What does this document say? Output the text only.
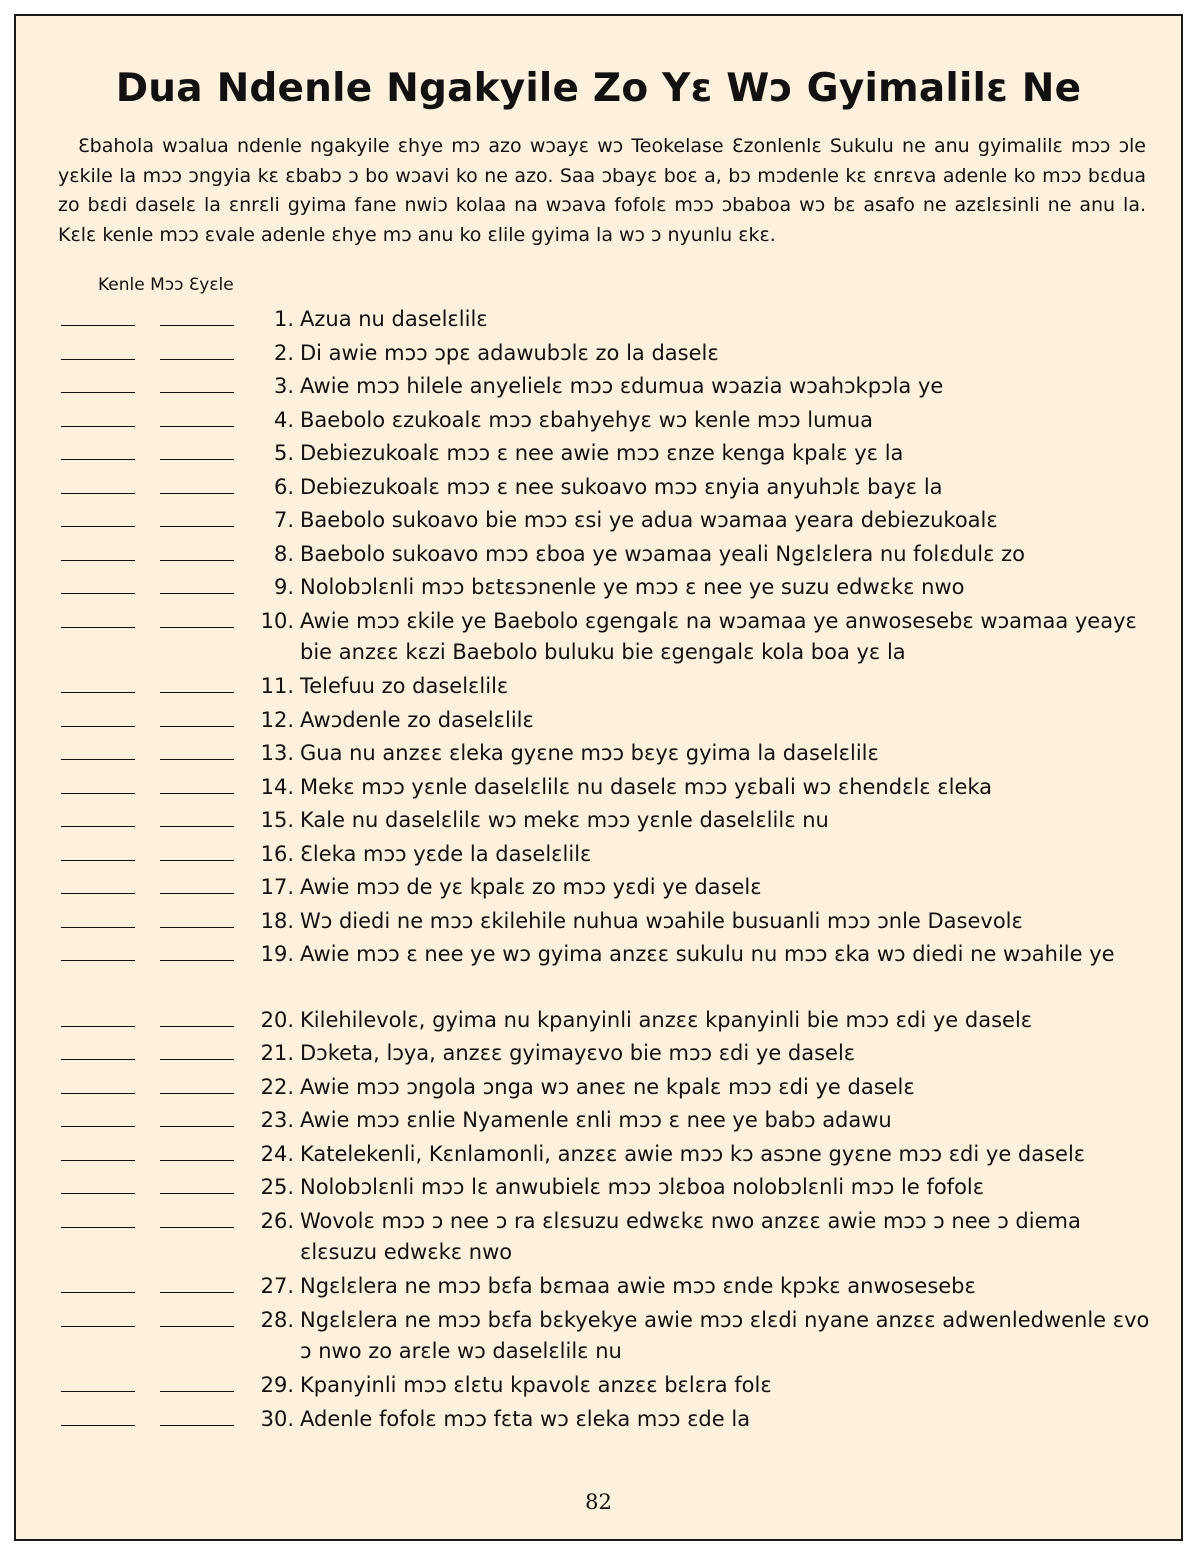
Dua Ndenle Ngakyile Zo Yɛ Wɔ Gyimalilɛ Ne
Ɛbahola wɔalua ndenle ngakyile ɛhye mɔ azo wɔayɛ wɔ Teokelase Ɛzonlenlɛ Sukulu ne anu gyimalilɛ mɔɔ ɔle yɛkile la mɔɔ ɔngyia kɛ ɛbabɔ ɔ bo wɔavi ko ne azo. Saa ɔbayɛ boɛ a, bɔ mɔdenle kɛ ɛnrɛva adenle ko mɔɔ bɛdua zo bɛdi daselɛ la ɛnrɛli gyima fane nwiɔ kolaa na wɔava fofolɛ mɔɔ ɔbaboa wɔ bɛ asafo ne azɛlɛsinli ne anu la. Kɛlɛ kenle mɔɔ ɛvale adenle ɛhye mɔ anu ko ɛlile gyima la wɔ ɔ nyunlu ɛkɛ.
Kenle Mɔɔ Ɛyɛle
1. Azua nu daselɛlilɛ
2. Di awie mɔɔ ɔpɛ adawubɔlɛ zo la daselɛ
3. Awie mɔɔ hilele anyelielɛ mɔɔ ɛdumua wɔazia wɔahɔkpɔla ye
4. Baebolo ɛzukoalɛ mɔɔ ɛbahyehyɛ wɔ kenle mɔɔ lumua
5. Debiezukoalɛ mɔɔ ɛ nee awie mɔɔ ɛnze kenga kpalɛ yɛ la
6. Debiezukoalɛ mɔɔ ɛ nee sukoavo mɔɔ ɛnyia anyuhɔlɛ bayɛ la
7. Baebolo sukoavo bie mɔɔ ɛsi ye adua wɔamaa yeara debiezukoalɛ
8. Baebolo sukoavo mɔɔ ɛboa ye wɔamaa yeali Ngɛlɛlera nu folɛdulɛ zo
9. Nolobɔlɛnli mɔɔ bɛtɛsɔnenle ye mɔɔ ɛ nee ye suzu edwɛkɛ nwo
10. Awie mɔɔ ɛkile ye Baebolo ɛgengalɛ na wɔamaa ye anwosesebɛ wɔamaa yeayɛ bie anzɛɛ kɛzi Baebolo buluku bie ɛgengalɛ kola boa yɛ la
11. Telefuu zo daselɛlilɛ
12. Awɔdenle zo daselɛlilɛ
13. Gua nu anzɛɛ ɛleka gyɛne mɔɔ bɛyɛ gyima la daselɛlilɛ
14. Mekɛ mɔɔ yɛnle daselɛlilɛ nu daselɛ mɔɔ yɛbali wɔ ɛhendɛlɛ ɛleka
15. Kale nu daselɛlilɛ wɔ mekɛ mɔɔ yɛnle daselɛlilɛ nu
16. Ɛleka mɔɔ yɛde la daselɛlilɛ
17. Awie mɔɔ de yɛ kpalɛ zo mɔɔ yɛdi ye daselɛ
18. Wɔ diedi ne mɔɔ ɛkilehile nuhua wɔahile busuanli mɔɔ ɔnle Dasevolɛ
19. Awie mɔɔ ɛ nee ye wɔ gyima anzɛɛ sukulu nu mɔɔ ɛka wɔ diedi ne wɔahile ye
20. Kilehilevolɛ, gyima nu kpanyinli anzɛɛ kpanyinli bie mɔɔ ɛdi ye daselɛ
21. Dɔketa, lɔya, anzɛɛ gyimayɛvo bie mɔɔ ɛdi ye daselɛ
22. Awie mɔɔ ɔngola ɔnga wɔ aneɛ ne kpalɛ mɔɔ ɛdi ye daselɛ
23. Awie mɔɔ ɛnlie Nyamenle ɛnli mɔɔ ɛ nee ye babɔ adawu
24. Katelekenli, Kɛnlamonli, anzɛɛ awie mɔɔ kɔ asɔne gyɛne mɔɔ ɛdi ye daselɛ
25. Nolobɔlɛnli mɔɔ lɛ anwubielɛ mɔɔ ɔlɛboa nolobɔlɛnli mɔɔ le fofolɛ
26. Wovolɛ mɔɔ ɔ nee ɔ ra ɛlɛsuzu edwɛkɛ nwo anzɛɛ awie mɔɔ ɔ nee ɔ diema ɛlɛsuzu edwɛkɛ nwo
27. Ngɛlɛlera ne mɔɔ bɛfa bɛmaa awie mɔɔ ɛnde kpɔkɛ anwosesebɛ
28. Ngɛlɛlera ne mɔɔ bɛfa bɛkyekye awie mɔɔ ɛlɛdi nyane anzɛɛ adwenledwenle ɛvo ɔ nwo zo arɛle wɔ daselɛlilɛ nu
29. Kpanyinli mɔɔ ɛlɛtu kpavolɛ anzɛɛ bɛlɛra folɛ
30. Adenle fofolɛ mɔɔ fɛta wɔ ɛleka mɔɔ ɛde la
82
